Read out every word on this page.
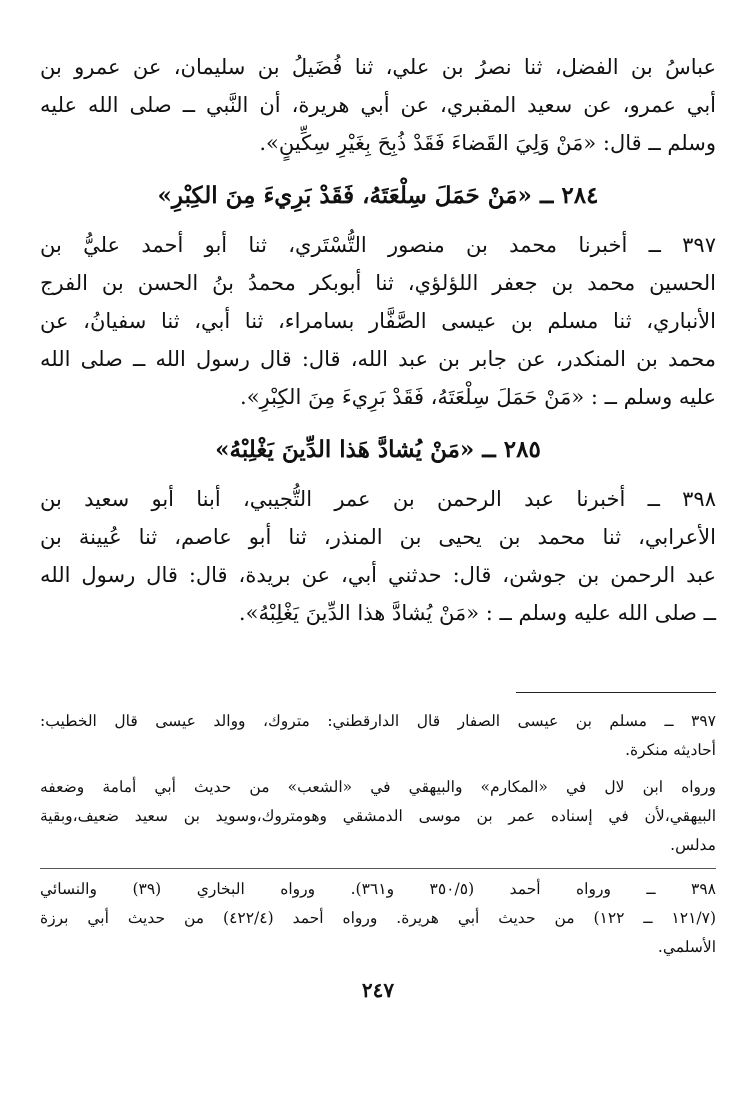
عباسُ بن الفضل، ثنا نصرُ بن علي، ثنا فُضَيلُ بن سليمان، عن عمرو بن
أبي عمرو، عن سعيد المقبري، عن أبي هريرة، أن النَّبي ــ صلى الله عليه
وسلم ــ قال: «مَنْ وَلِيَ القَضاءَ فَقَدْ ذُبِحَ بِغَيْرِ سِكِّينٍ».
٢٨٤ ــ «مَنْ حَمَلَ سِلْعَتَهُ، فَقَدْ بَرِيءَ مِنَ الكِبْرِ»
٣٩٧ ــ أخبرنا محمد بن منصور التُّسْتَري، ثنا أبو أحمد عليُّ بن
الحسين محمد بن جعفر اللؤلؤي، ثنا أبوبكر محمدُ بنُ الحسن بن الفرج
الأنباري، ثنا مسلم بن عيسى الصَّفَّار بسامراء، ثنا أبي، ثنا سفيانُ، عن
محمد بن المنكدر، عن جابر بن عبد الله، قال: قال رسول الله ــ صلى الله
عليه وسلم ــ : «مَنْ حَمَلَ سِلْعَتَهُ، فَقَدْ بَرِيءَ مِنَ الكِبْرِ».
٢٨٥ ــ «مَنْ يُشادَّ هَذا الدِّينَ يَغْلِبْهُ»
٣٩٨ ــ أخبرنا عبد الرحمن بن عمر التُّجيبي، أبنا أبو سعيد بن
الأعرابي، ثنا محمد بن يحيى بن المنذر، ثنا أبو عاصم، ثنا عُيينة بن
عبد الرحمن بن جوشن، قال: حدثني أبي، عن بريدة، قال: قال رسول الله
ــ صلى الله عليه وسلم ــ : «مَنْ يُشادَّ هذا الدِّينَ يَغْلِبْهُ».
٣٩٧ ــ مسلم بن عيسى الصفار قال الدارقطني: متروك، ووالد عيسى قال الخطيب:
أحاديثه منكرة.
ورواه ابن لال في «المكارم» والبيهقي في «الشعب» من حديث أبي أمامة وضعفه
البيهقي،لأن في إسناده عمر بن موسى الدمشقي وهومتروك،وسويد بن سعيد ضعيف،وبقية
مدلس.
٣٩٨ ــ ورواه أحمد (٣٥٠/٥ و٣٦١). ورواه البخاري (٣٩) والنسائي
(١٢١/٧ ــ ١٢٢) من حديث أبي هريرة. ورواه أحمد (٤٢٢/٤) من حديث أبي برزة
الأسلمي.
٢٤٧
